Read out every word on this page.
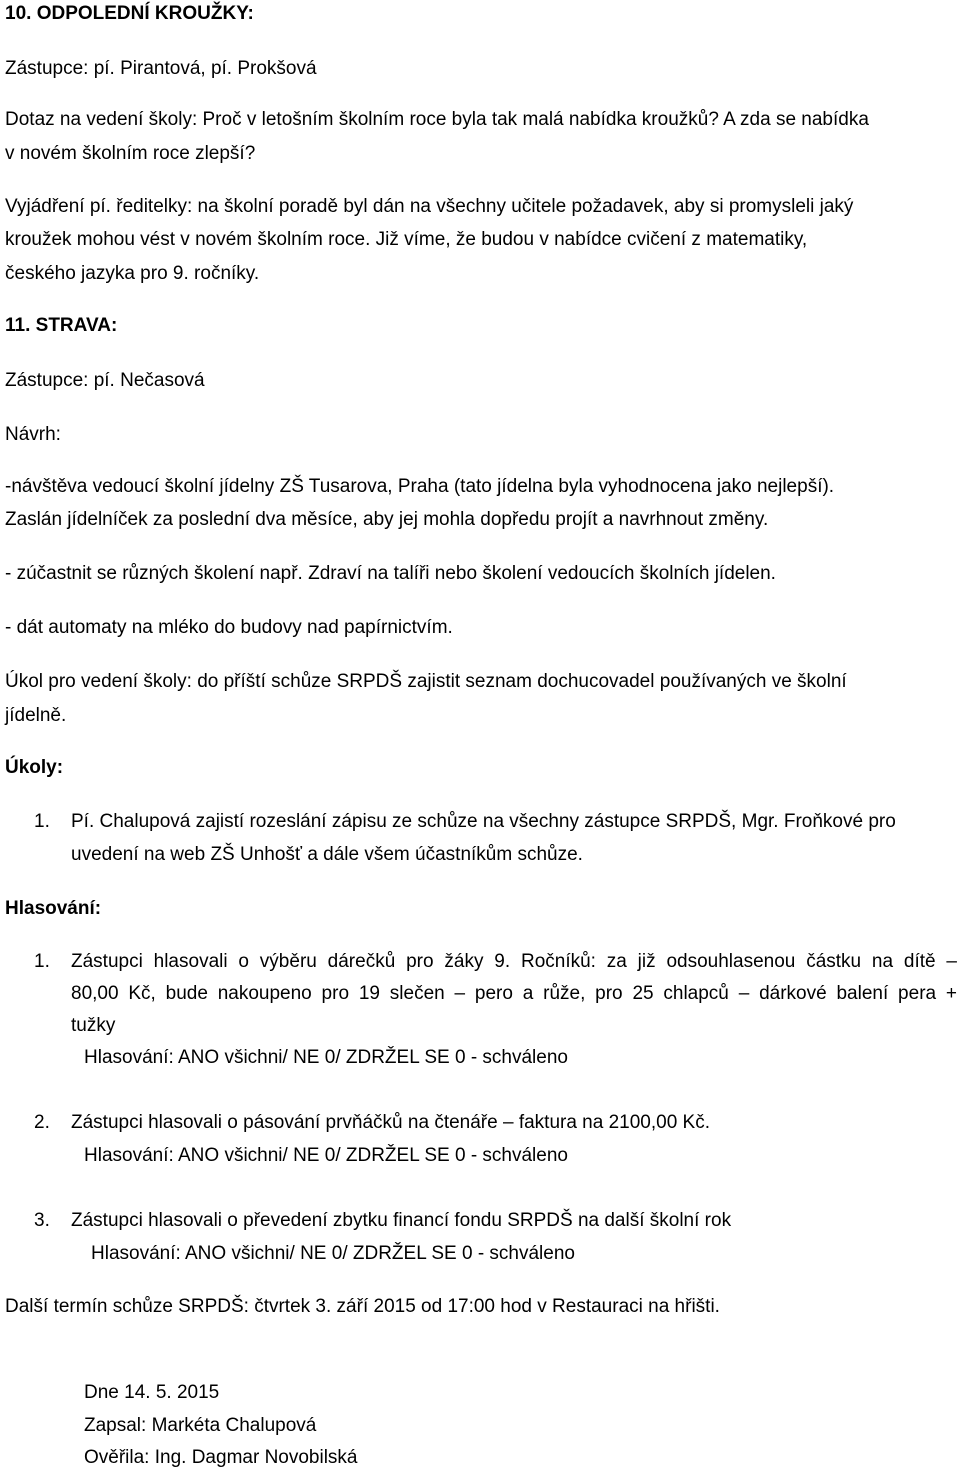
10. ODPOLEDNÍ KROUŽKY:
Zástupce: pí. Pirantová, pí. Prokšová
Dotaz na vedení školy: Proč v letošním školním roce byla tak malá nabídka kroužků? A zda se nabídka
v novém školním roce zlepší?
Vyjádření pí. ředitelky: na školní poradě byl dán na všechny učitele požadavek, aby si promysleli jaký
kroužek mohou vést v novém školním roce. Již víme, že budou v nabídce cvičení z matematiky,
českého jazyka pro 9. ročníky.
11. STRAVA:
Zástupce: pí. Nečasová
Návrh:
-návštěva vedoucí školní jídelny ZŠ Tusarova, Praha (tato jídelna byla vyhodnocena jako nejlepší).
Zaslán jídelníček za poslední dva měsíce, aby jej mohla dopředu projít a navrhnout změny.
- zúčastnit se různých školení např. Zdraví na talíři nebo školení vedoucích školních jídelen.
- dát automaty na mléko do budovy nad papírnictvím.
Úkol pro vedení školy: do příští schůze SRPDŠ zajistit seznam dochucovadel používaných ve školní
jídelně.
Úkoly:
1. Pí. Chalupová zajistí rozeslání zápisu ze schůze na všechny zástupce SRPDŠ, Mgr. Froňkové pro
uvedení na web ZŠ Unhošť a dále všem účastníkům schůze.
Hlasování:
1. Zástupci hlasovali o výběru dárečků pro žáky 9. Ročníků: za již odsouhlasenou částku na dítě –
80,00 Kč, bude nakoupeno pro 19 slečen – pero a růže, pro 25 chlapců – dárkové balení pera +
tužky
Hlasování: ANO všichni/ NE 0/ ZDRŽEL SE 0 - schváleno
2. Zástupci hlasovali o pásování prvňáčků na čtenáře – faktura na 2100,00 Kč.
Hlasování: ANO všichni/ NE 0/ ZDRŽEL SE 0 - schváleno
3. Zástupci hlasovali o převedení zbytku financí fondu SRPDŠ na další školní rok
Hlasování: ANO všichni/ NE 0/ ZDRŽEL SE 0 - schváleno
Další termín schůze SRPDŠ: čtvrtek 3. září 2015 od 17:00 hod v Restauraci na hřišti.
Dne 14. 5. 2015
Zapsal: Markéta Chalupová
Ověřila: Ing. Dagmar Novobilská
